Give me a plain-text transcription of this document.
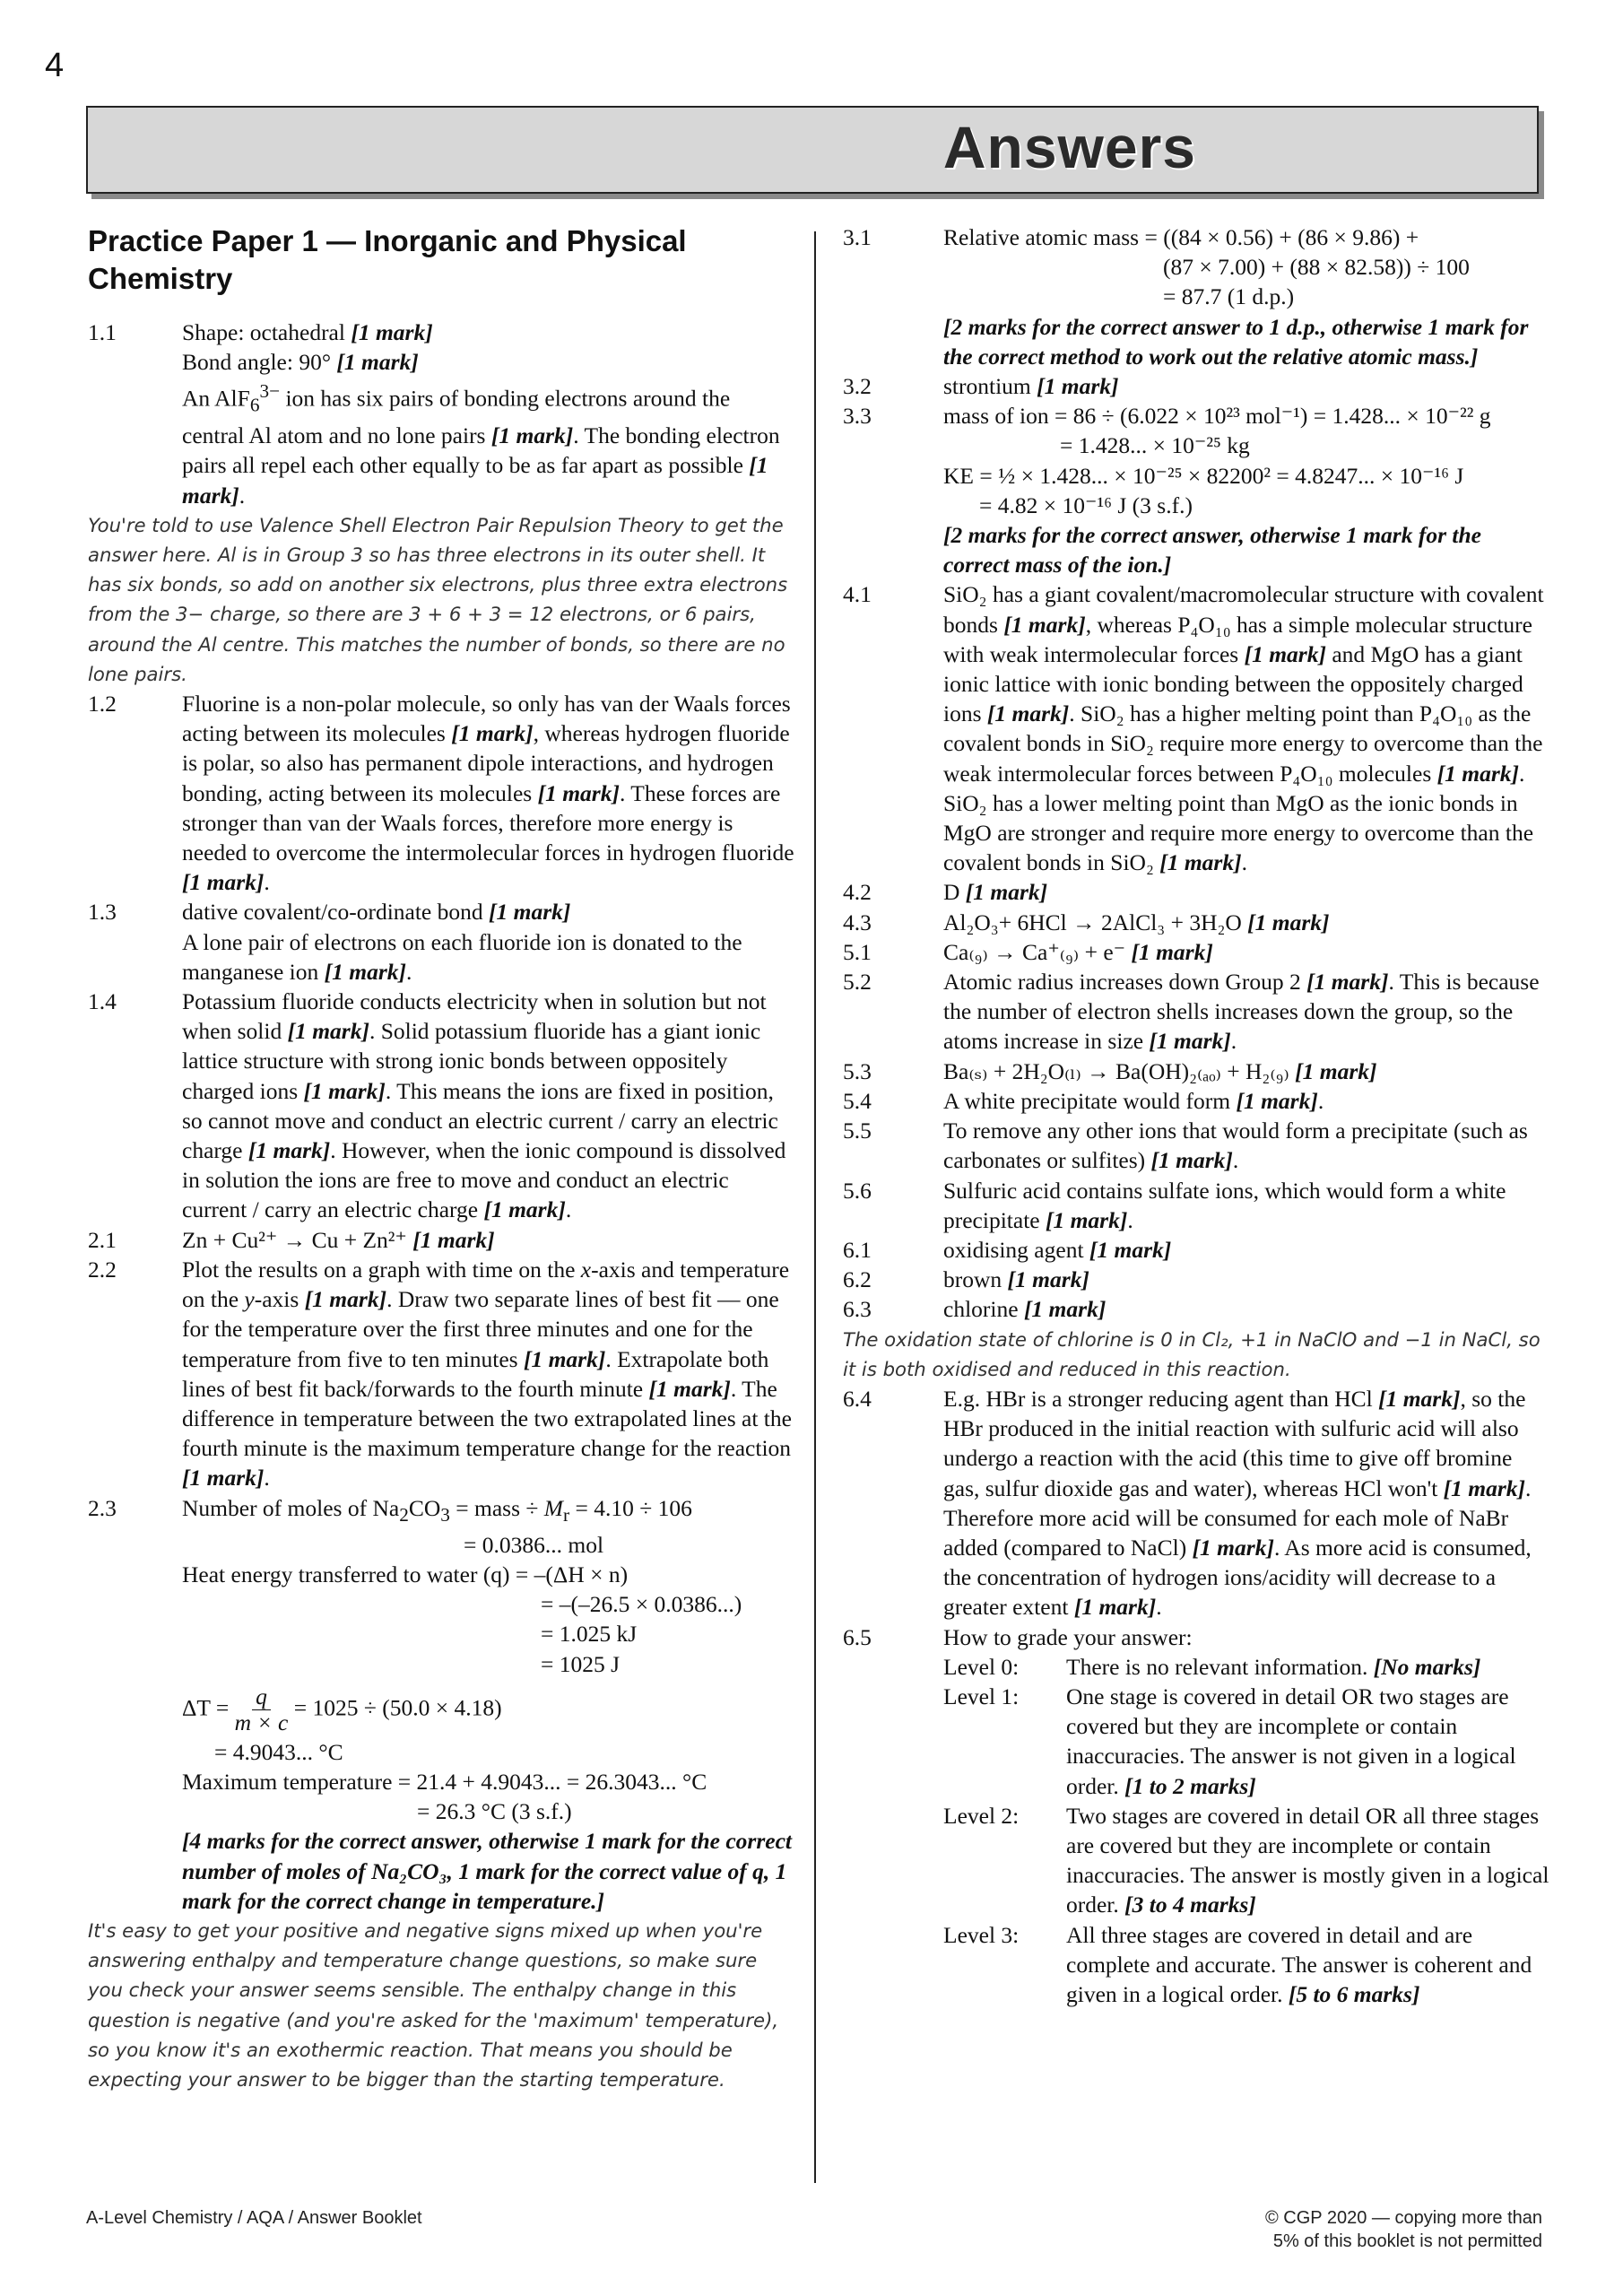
4
Answers
Practice Paper 1 — Inorganic and Physical Chemistry
1.1	Shape: octahedral [1 mark]
Bond angle: 90° [1 mark]
An AlF$_6^{3-}$ ion has six pairs of bonding electrons around the central Al atom and no lone pairs [1 mark]. The bonding electron pairs all repel each other equally to be as far apart as possible [1 mark].
You're told to use Valence Shell Electron Pair Repulsion Theory to get the answer here. Al is in Group 3 so has three electrons in its outer shell. It has six bonds, so add on another six electrons, plus three extra electrons from the 3− charge, so there are 3 + 6 + 3 = 12 electrons, or 6 pairs, around the Al centre. This matches the number of bonds, so there are no lone pairs.
1.2	Fluorine is a non-polar molecule, so only has van der Waals forces acting between its molecules [1 mark], whereas hydrogen fluoride is polar, so also has permanent dipole interactions, and hydrogen bonding, acting between its molecules [1 mark]. These forces are stronger than van der Waals forces, therefore more energy is needed to overcome the intermolecular forces in hydrogen fluoride [1 mark].
1.3	dative covalent/co-ordinate bond [1 mark]
A lone pair of electrons on each fluoride ion is donated to the manganese ion [1 mark].
1.4	Potassium fluoride conducts electricity when in solution but not when solid [1 mark]. Solid potassium fluoride has a giant ionic lattice structure with strong ionic bonds between oppositely charged ions [1 mark]. This means the ions are fixed in position, so cannot move and conduct an electric current / carry an electric charge [1 mark]. However, when the ionic compound is dissolved in solution the ions are free to move and conduct an electric current / carry an electric charge [1 mark].
2.1	Zn + Cu²⁺ → Cu + Zn²⁺ [1 mark]
2.2	Plot the results on a graph with time on the x-axis and temperature on the y-axis [1 mark]. Draw two separate lines of best fit — one for the temperature over the first three minutes and one for the temperature from five to ten minutes [1 mark]. Extrapolate both lines of best fit back/forwards to the fourth minute [1 mark]. The difference in temperature between the two extrapolated lines at the fourth minute is the maximum temperature change for the reaction [1 mark].
2.3	Number of moles of $Na_2CO_3$ = mass ÷ $M_r = 4.10 \div 106$
= 0.0386... mol
Heat energy transferred to water (q) = –(ΔH × n)
= –(–26.5 × 0.0386...)
= 1.025 kJ
= 1025 J
$\Delta T = \frac{q}{m \times c} = 1025 \div (50.0 \times 4.18)$
= 4.9043... °C
Maximum temperature = 21.4 + 4.9043... = 26.3043... °C
= 26.3 °C (3 s.f.)
[4 marks for the correct answer, otherwise 1 mark for the correct number of moles of Na₂CO₃, 1 mark for the correct value of q, 1 mark for the correct change in temperature.]
It's easy to get your positive and negative signs mixed up when you're answering enthalpy and temperature change questions, so make sure you check your answer seems sensible. The enthalpy change in this question is negative (and you're asked for the 'maximum' temperature), so you know it's an exothermic reaction. That means you should be expecting your answer to be bigger than the starting temperature.
3.1	Relative atomic mass = ((84 × 0.56) + (86 × 9.86) +
(87 × 7.00) + (88 × 82.58)) ÷ 100
= 87.7 (1 d.p.)
[2 marks for the correct answer to 1 d.p., otherwise 1 mark for the correct method to work out the relative atomic mass.]
3.2	strontium [1 mark]
3.3	mass of ion = 86 ÷ (6.022 × 10²³ mol⁻¹) = 1.428... × 10⁻²² g
= 1.428... × 10⁻²⁵ kg
KE = ½ × 1.428... × 10⁻²⁵ × 82200² = 4.8247... × 10⁻¹⁶ J
= 4.82 × 10⁻¹⁶ J (3 s.f.)
[2 marks for the correct answer, otherwise 1 mark for the correct mass of the ion.]
4.1	SiO₂ has a giant covalent/macromolecular structure with covalent bonds [1 mark], whereas P₄O₁₀ has a simple molecular structure with weak intermolecular forces [1 mark] and MgO has a giant ionic lattice with ionic bonding between the oppositely charged ions [1 mark]. SiO₂ has a higher melting point than P₄O₁₀ as the covalent bonds in SiO₂ require more energy to overcome than the weak intermolecular forces between P₄O₁₀ molecules [1 mark]. SiO₂ has a lower melting point than MgO as the ionic bonds in MgO are stronger and require more energy to overcome than the covalent bonds in SiO₂ [1 mark].
4.2	D [1 mark]
4.3	Al₂O₃+ 6HCl → 2AlCl₃ + 3H₂O [1 mark]
5.1	Ca₍₉₎ → Ca⁺₍₉₎ + e⁻ [1 mark]
5.2	Atomic radius increases down Group 2 [1 mark]. This is because the number of electron shells increases down the group, so the atoms increase in size [1 mark].
5.3	Ba₍ₛ₎ + 2H₂O₍ₗ₎ → Ba(OH)₂₍ₐₒ₎ + H₂₍₉₎ [1 mark]
5.4	A white precipitate would form [1 mark].
5.5	To remove any other ions that would form a precipitate (such as carbonates or sulfites) [1 mark].
5.6	Sulfuric acid contains sulfate ions, which would form a white precipitate [1 mark].
6.1	oxidising agent [1 mark]
6.2	brown [1 mark]
6.3	chlorine [1 mark]
The oxidation state of chlorine is 0 in Cl₂, +1 in NaClO and −1 in NaCl, so it is both oxidised and reduced in this reaction.
6.4	E.g. HBr is a stronger reducing agent than HCl [1 mark], so the HBr produced in the initial reaction with sulfuric acid will also undergo a reaction with the acid (this time to give off bromine gas, sulfur dioxide gas and water), whereas HCl won't [1 mark]. Therefore more acid will be consumed for each mole of NaBr added (compared to NaCl) [1 mark]. As more acid is consumed, the concentration of hydrogen ions/acidity will decrease to a greater extent [1 mark].
6.5	How to grade your answer:
Level 0: There is no relevant information. [No marks]
Level 1: One stage is covered in detail OR two stages are covered but they are incomplete or contain inaccuracies. The answer is not given in a logical order. [1 to 2 marks]
Level 2: Two stages are covered in detail OR all three stages are covered but they are incomplete or contain inaccuracies. The answer is mostly given in a logical order. [3 to 4 marks]
Level 3: All three stages are covered in detail and are complete and accurate. The answer is coherent and given in a logical order. [5 to 6 marks]
A-Level Chemistry / AQA / Answer Booklet	© CGP 2020 — copying more than
5% of this booklet is not permitted
